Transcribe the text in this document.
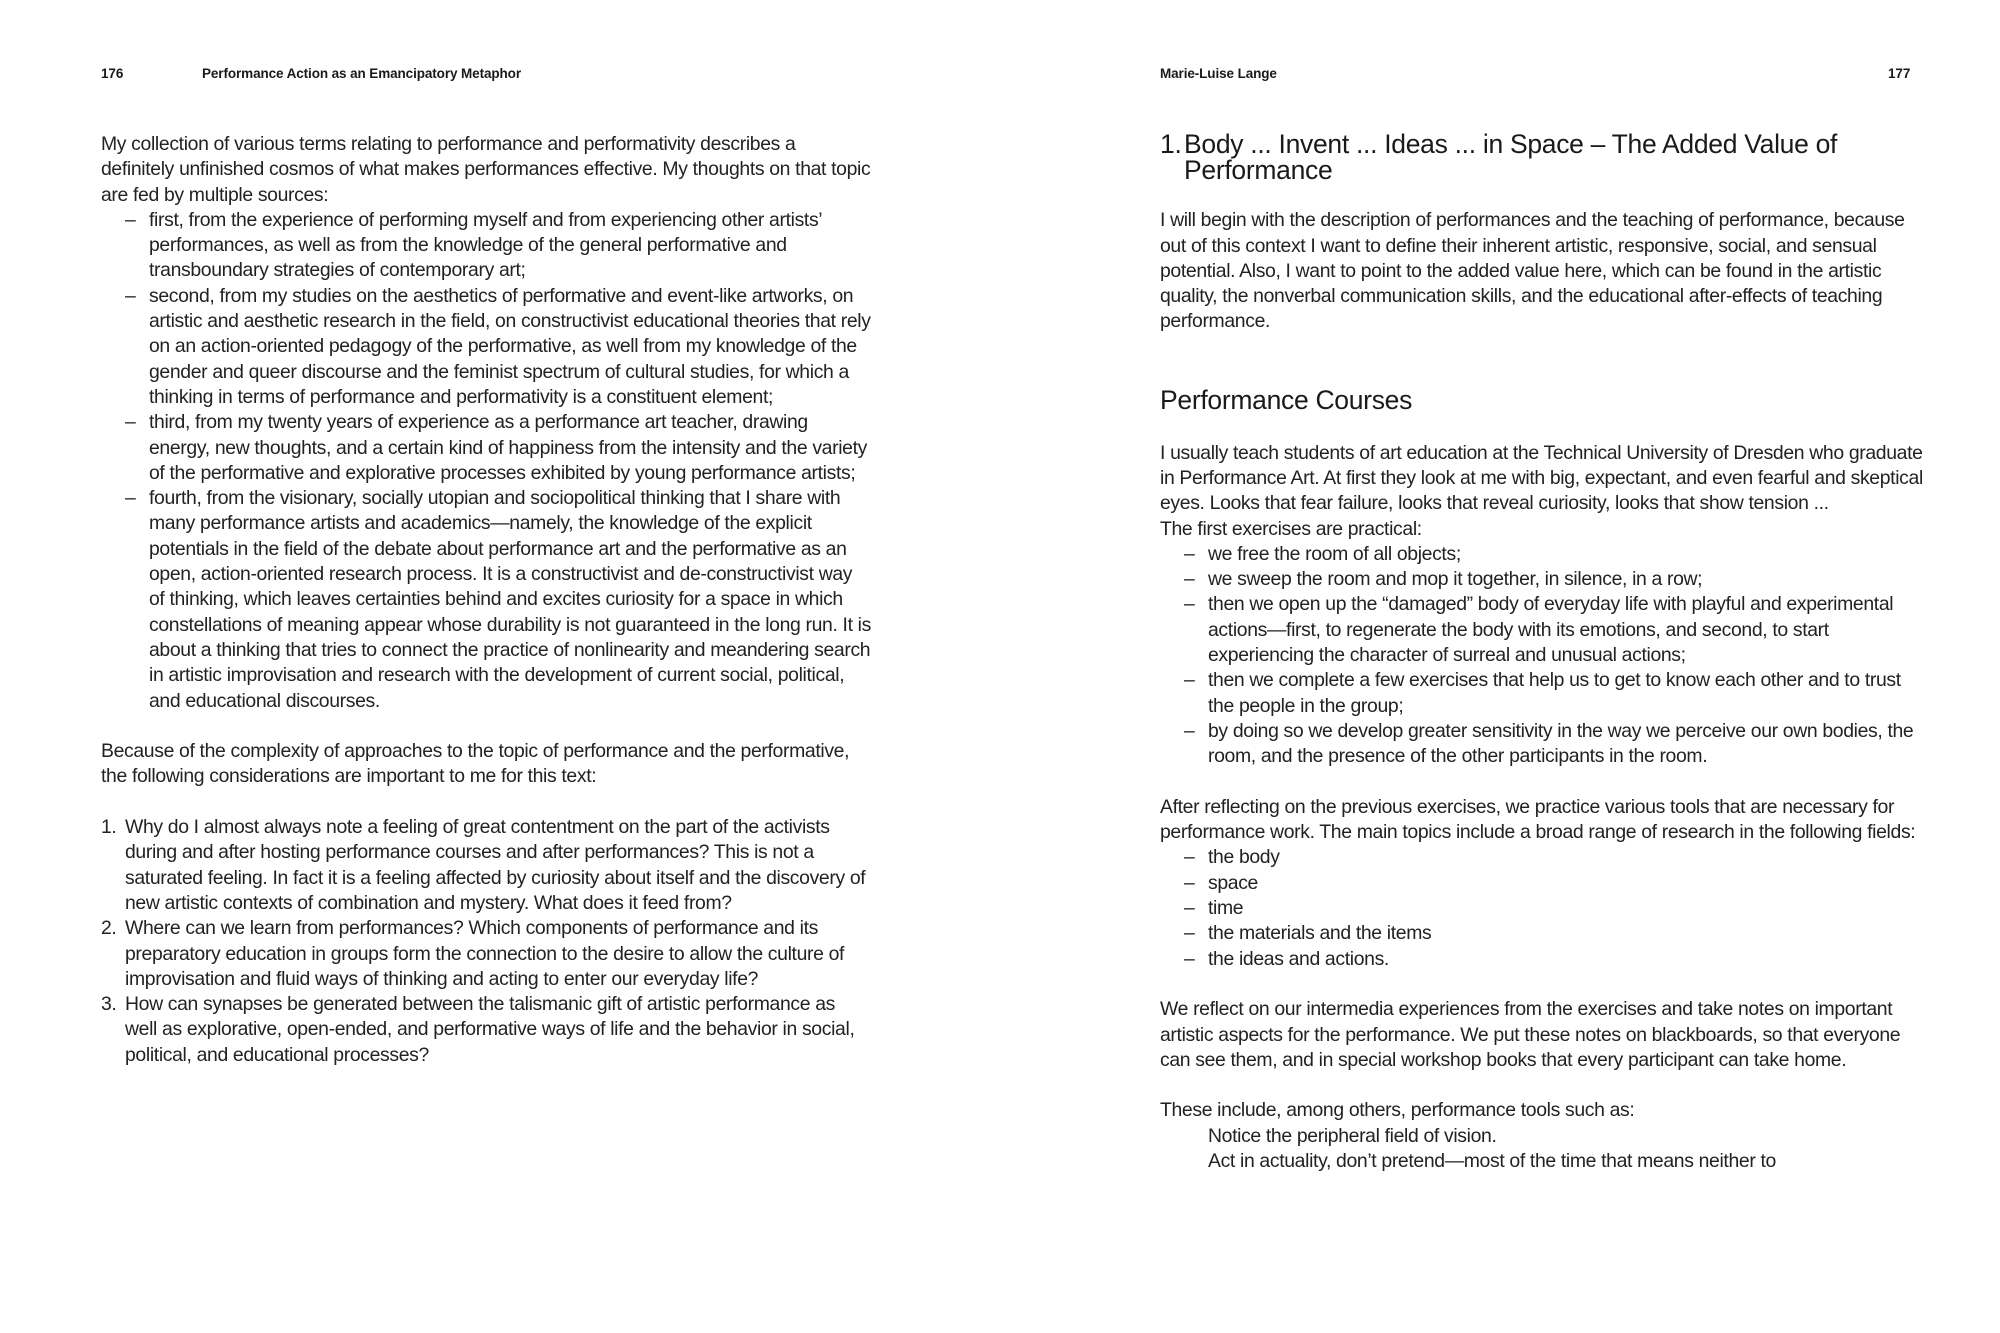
176	Performance Action as an Emancipatory Metaphor

My collection of various terms relating to performance and performativity describes a definitely unfinished cosmos of what makes performances effective. My thoughts on that topic are fed by multiple sources:

– first, from the experience of performing myself and from experiencing other artists’ performances, as well as from the knowledge of the general performative and transboundary strategies of contemporary art;
– second, from my studies on the aesthetics of performative and event-like artworks, on artistic and aesthetic research in the field, on constructivist educational theories that rely on an action-oriented pedagogy of the performative, as well from my knowledge of the gender and queer discourse and the feminist spectrum of cultural studies, for which a thinking in terms of performance and performativity is a constituent element;
– third, from my twenty years of experience as a performance art teacher, drawing energy, new thoughts, and a certain kind of happiness from the intensity and the variety of the performative and explorative processes exhibited by young performance artists;
– fourth, from the visionary, socially utopian and sociopolitical thinking that I share with many performance artists and academics—namely, the knowledge of the explicit potentials in the field of the debate about performance art and the performative as an open, action-oriented research process. It is a constructivist and de-constructivist way of thinking, which leaves certainties behind and excites curiosity for a space in which constellations of meaning appear whose durability is not guaranteed in the long run. It is about a thinking that tries to connect the practice of nonlinearity and meandering search in artistic improvisation and research with the development of current social, political, and educational discourses.

Because of the complexity of approaches to the topic of performance and the performative, the following considerations are important to me for this text:

1. Why do I almost always note a feeling of great contentment on the part of the activists during and after hosting performance courses and after performances? This is not a saturated feeling. In fact it is a feeling affected by curiosity about itself and the discovery of new artistic contexts of combination and mystery. What does it feed from?
2. Where can we learn from performances? Which components of performance and its preparatory education in groups form the connection to the desire to allow the culture of improvisation and fluid ways of thinking and acting to enter our everyday life?
3. How can synapses be generated between the talismanic gift of artistic performance as well as explorative, open-ended, and performative ways of life and the behavior in social, political, and educational processes?
Marie-Luise Lange	177
1. Body ... Invent ... Ideas ... in Space – The Added Value of Performance

I will begin with the description of performances and the teaching of performance, because out of this context I want to define their inherent artistic, responsive, social, and sensual potential. Also, I want to point to the added value here, which can be found in the artistic quality, the nonverbal communication skills, and the educational after-effects of teaching performance.

Performance Courses

I usually teach students of art education at the Technical University of Dresden who graduate in Performance Art. At first they look at me with big, expectant, and even fearful and skeptical eyes. Looks that fear failure, looks that reveal curiosity, looks that show tension ...

The first exercises are practical:

– we free the room of all objects;
– we sweep the room and mop it together, in silence, in a row;
– then we open up the “damaged” body of everyday life with playful and experimental actions—first, to regenerate the body with its emotions, and second, to start experiencing the character of surreal and unusual actions;
– then we complete a few exercises that help us to get to know each other and to trust the people in the group;
– by doing so we develop greater sensitivity in the way we perceive our own bodies, the room, and the presence of the other participants in the room.

After reflecting on the previous exercises, we practice various tools that are necessary for performance work. The main topics include a broad range of research in the following fields:

– the body
– space
– time
– the materials and the items
– the ideas and actions.

We reflect on our intermedia experiences from the exercises and take notes on important artistic aspects for the performance. We put these notes on blackboards, so that everyone can see them, and in special workshop books that every participant can take home.

These include, among others, performance tools such as:

Notice the peripheral field of vision.

Act in actuality, don’t pretend—most of the time that means neither to
